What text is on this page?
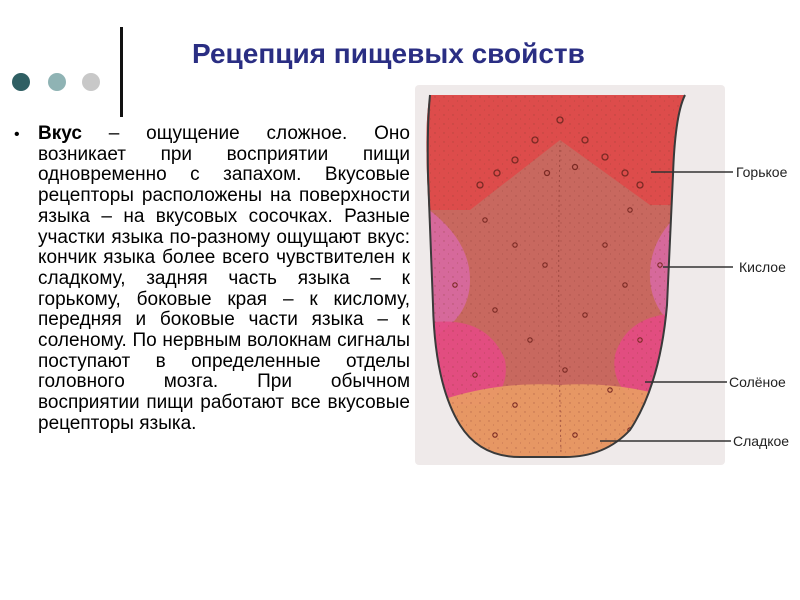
Рецепция пищевых свойств
• Вкус – ощущение сложное. Оно возникает при восприятии пищи одновременно с запахом. Вкусовые рецепторы расположены на поверхности языка – на вкусовых сосочках. Разные участки языка по-разному ощущают вкус: кончик языка более всего чувствителен к сладкому, задняя часть языка – к горькому, боковые края – к кислому, передняя и боковые части языка – к соленому. По нервным волокнам сигналы поступают в определенные отделы головного мозга. При обычном восприятии пищи работают все вкусовые рецепторы языка.
Горькое
Кислое
Солёное
Сладкое
